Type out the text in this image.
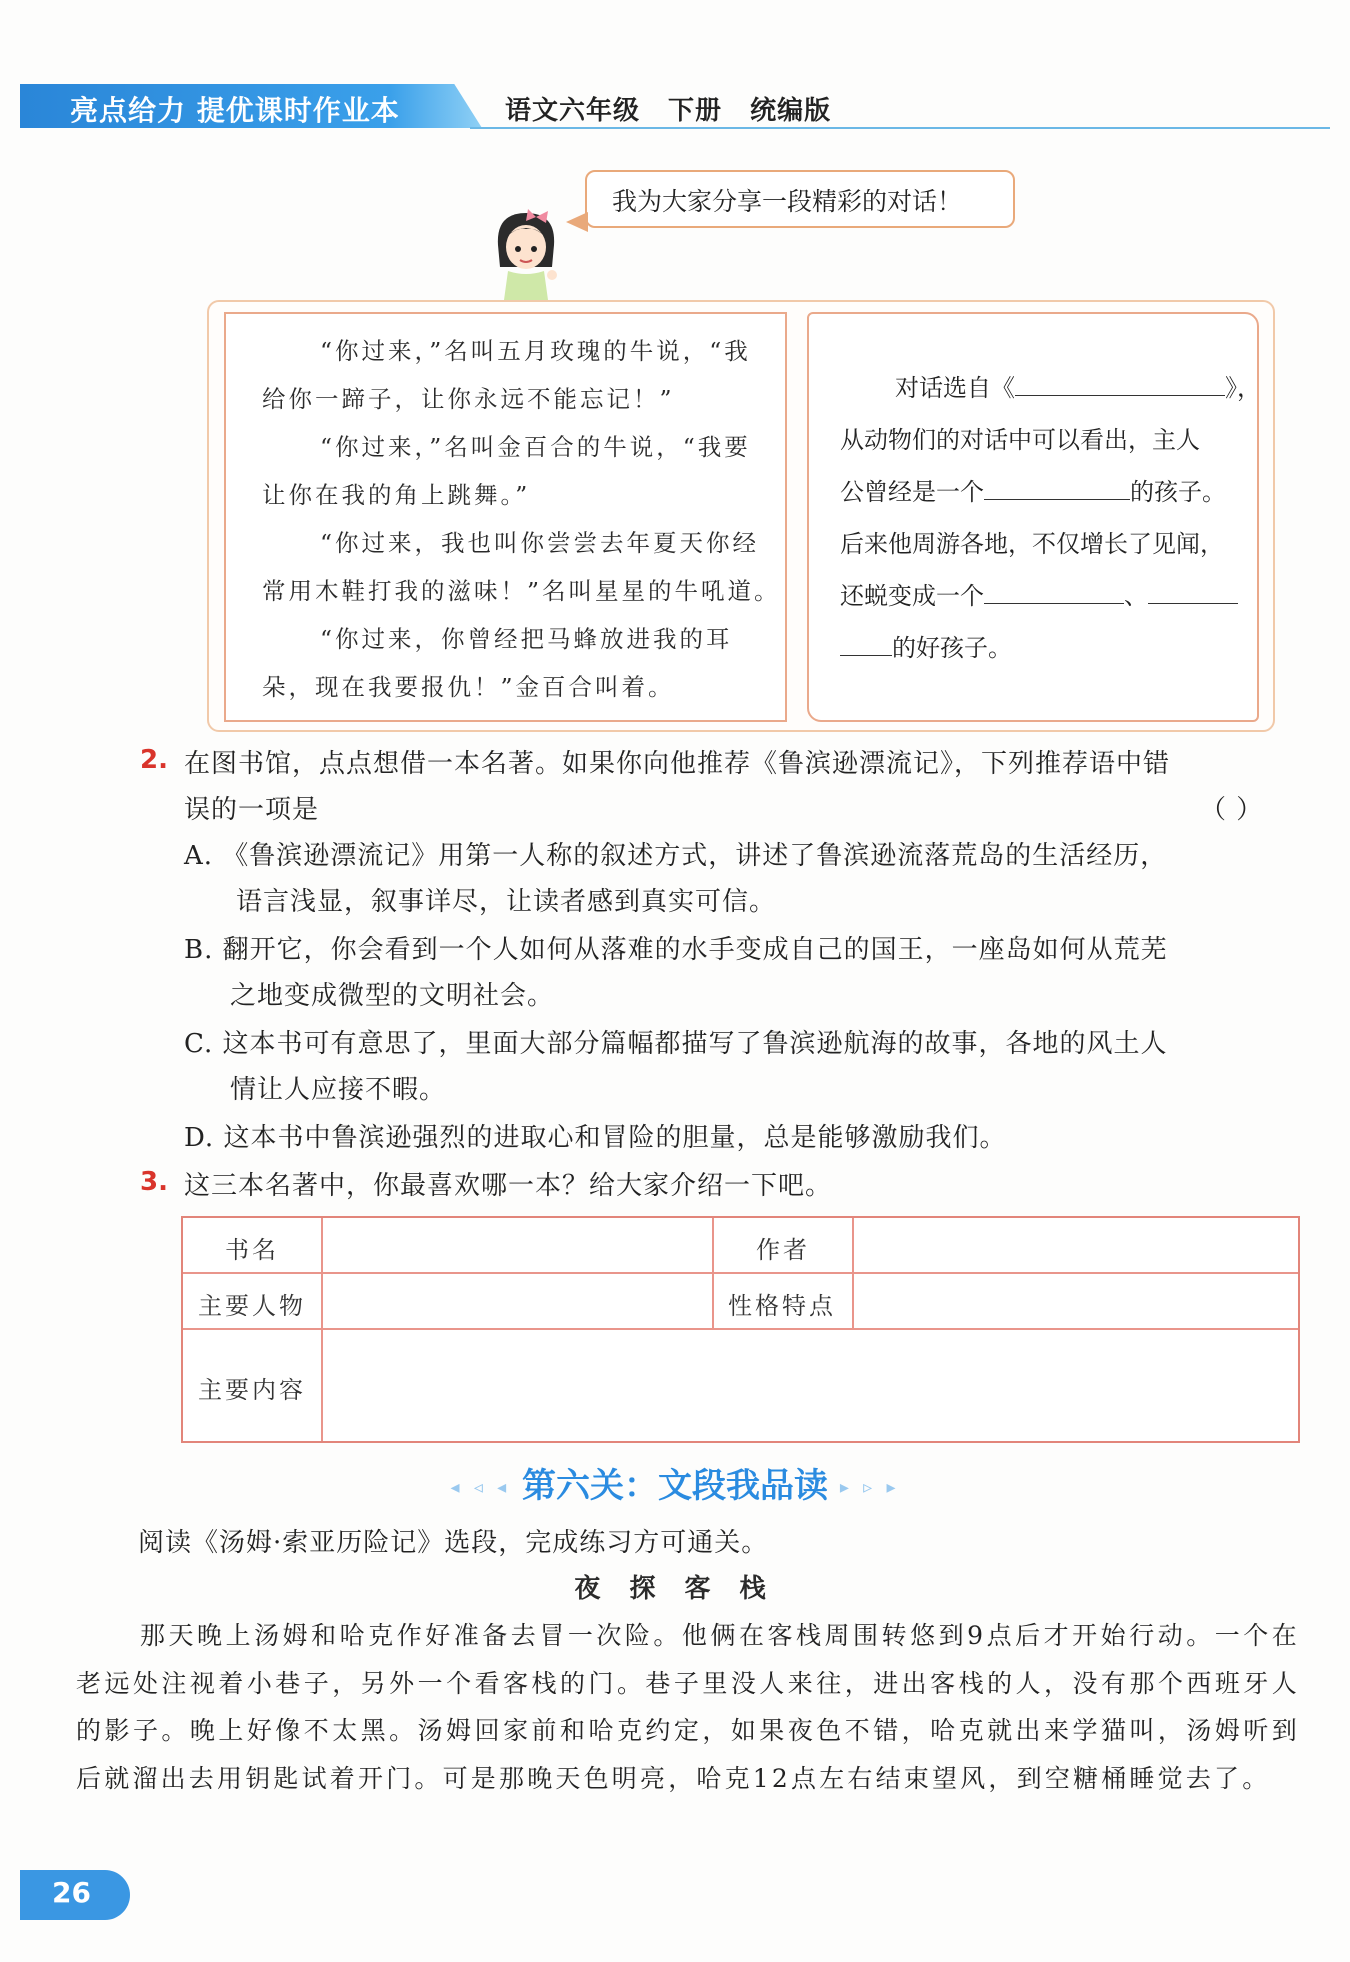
亮点给力 提优课时作业本	语文六年级 下册 统编版
我为大家分享一段精彩的对话！
“你过来，”名叫五月玫瑰的牛说，“我
给你一蹄子，让你永远不能忘记！”
“你过来，”名叫金百合的牛说，“我要
让你在我的角上跳舞。”
“你过来，我也叫你尝尝去年夏天你经
常用木鞋打我的滋味！”名叫星星的牛吼道。
“你过来，你曾经把马蜂放进我的耳
朵，现在我要报仇！”金百合叫着。
对话选自《	》，
从动物们的对话中可以看出，主人
公曾经是一个	的孩子。
后来他周游各地，不仅增长了见闻，
还蜕变成一个	、
的好孩子。
2. 在图书馆，点点想借一本名著。如果你向他推荐《鲁滨逊漂流记》，下列推荐语中错
误的一项是	（ ）
A. 《鲁滨逊漂流记》用第一人称的叙述方式，讲述了鲁滨逊流落荒岛的生活经历，
语言浅显，叙事详尽，让读者感到真实可信。
B. 翻开它，你会看到一个人如何从落难的水手变成自己的国王，一座岛如何从荒芜
之地变成微型的文明社会。
C. 这本书可有意思了，里面大部分篇幅都描写了鲁滨逊航海的故事，各地的风土人
情让人应接不暇。
D. 这本书中鲁滨逊强烈的进取心和冒险的胆量，总是能够激励我们。
3. 这三本名著中，你最喜欢哪一本？给大家介绍一下吧。
书名	作者
主要人物	性格特点
主要内容
◂ ◃ ◂ 第六关：文段我品读 ▸ ▹ ▸
阅读《汤姆·索亚历险记》选段，完成练习方可通关。
夜 探 客 栈
那天晚上汤姆和哈克作好准备去冒一次险。他俩在客栈周围转悠到9点后才开始行动。一个在老远处注视着小巷子，另外一个看客栈的门。巷子里没人来往，进出客栈的人，没有那个西班牙人的影子。晚上好像不太黑。汤姆回家前和哈克约定，如果夜色不错，哈克就出来学猫叫，汤姆听到后就溜出去用钥匙试着开门。可是那晚天色明亮，哈克12点左右结束望风，到空糖桶睡觉去了。
26
